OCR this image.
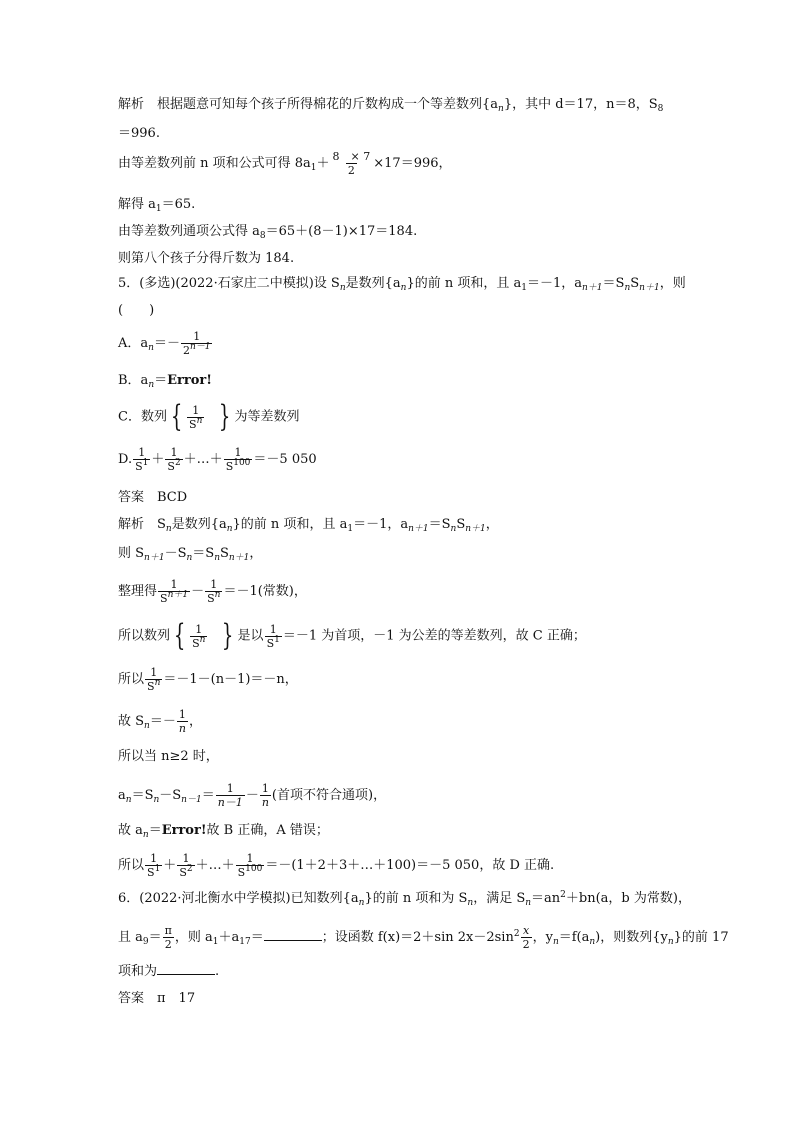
解析　根据题意可知每个孩子所得棉花的斤数构成一个等差数列$\{a_n\}$，其中 d＝17，n＝8，$S_8$
＝996.
由等差数列前 n 项和公式可得 $8a_1+ \frac{8 \times 7}{2} \times 17=996$，
解得 $a_1=65$.
由等差数列通项公式得 $a_8=65+(8-1)\times 17=184$.
则第八个孩子分得斤数为 184.
5．(多选)(2022·石家庄二中模拟)设 $S_n$是数列$\{a_n\}$的前 n 项和，且 $a_1=-1$，$a_{n+1}=S_nS_{n+1}$，则
(　　)
A．$a_n=- \frac{1}{2^{n-1}}$
B．$a_n=Error$!
C．数列 { $\frac{1}{S^n}$ } 为等差数列
D. $\frac{1}{S^1} + \frac{1}{S^2}$ ＋…＋ $\frac{1}{S^{100}} =-5$ 050
答案　BCD
解析　$S_n$是数列$\{a_n\}$的前 n 项和，且 $a_1=-1$，$a_{n+1}=S_nS_{n+1}$，
则 $S_{n+1}-S_n=S_nS_{n+1}$，
整理得 $\frac{1}{S^{n+1}} - \frac{1}{S^n} =-1$(常数)，
所以数列 { $\frac{1}{S^n}$ } 是以 $\frac{1}{S^1} =-1$ 为首项，－1 为公差的等差数列，故 C 正确；
所以 $\frac{1}{S^n} =-1-(n-1)=-n$，
故 $S_n=- \frac{1}{n}$ ，
所以当 n≥2 时，
$a_n=S_n-S_{n-1}= \frac{1}{n-1} - \frac{1}{n}$ (首项不符合通项)，
故 $a_n=Error$!故 B 正确，A 错误；
所以 $\frac{1}{S^1} + \frac{1}{S^2}$ ＋…＋ $\frac{1}{S^{100}}$ ＝－(1＋2＋3＋…＋100)＝－5 050，故 D 正确.
6．(2022·河北衡水中学模拟)已知数列$\{a_n\}$的前 n 项和为 $S_n$，满足 $S_n=an^2+bn(a$，b 为常数)，
且 $a_9= \frac{\pi}{2}$ ，则 $a_1+a_{17}=$	；设函数 f(x)＝2＋sin $2x-2\sin^2 \frac{x}{2}$ ，$y_n=f(a_n)$，则数列$\{y_n\}$的前 17
项和为	.
答案　π　17
